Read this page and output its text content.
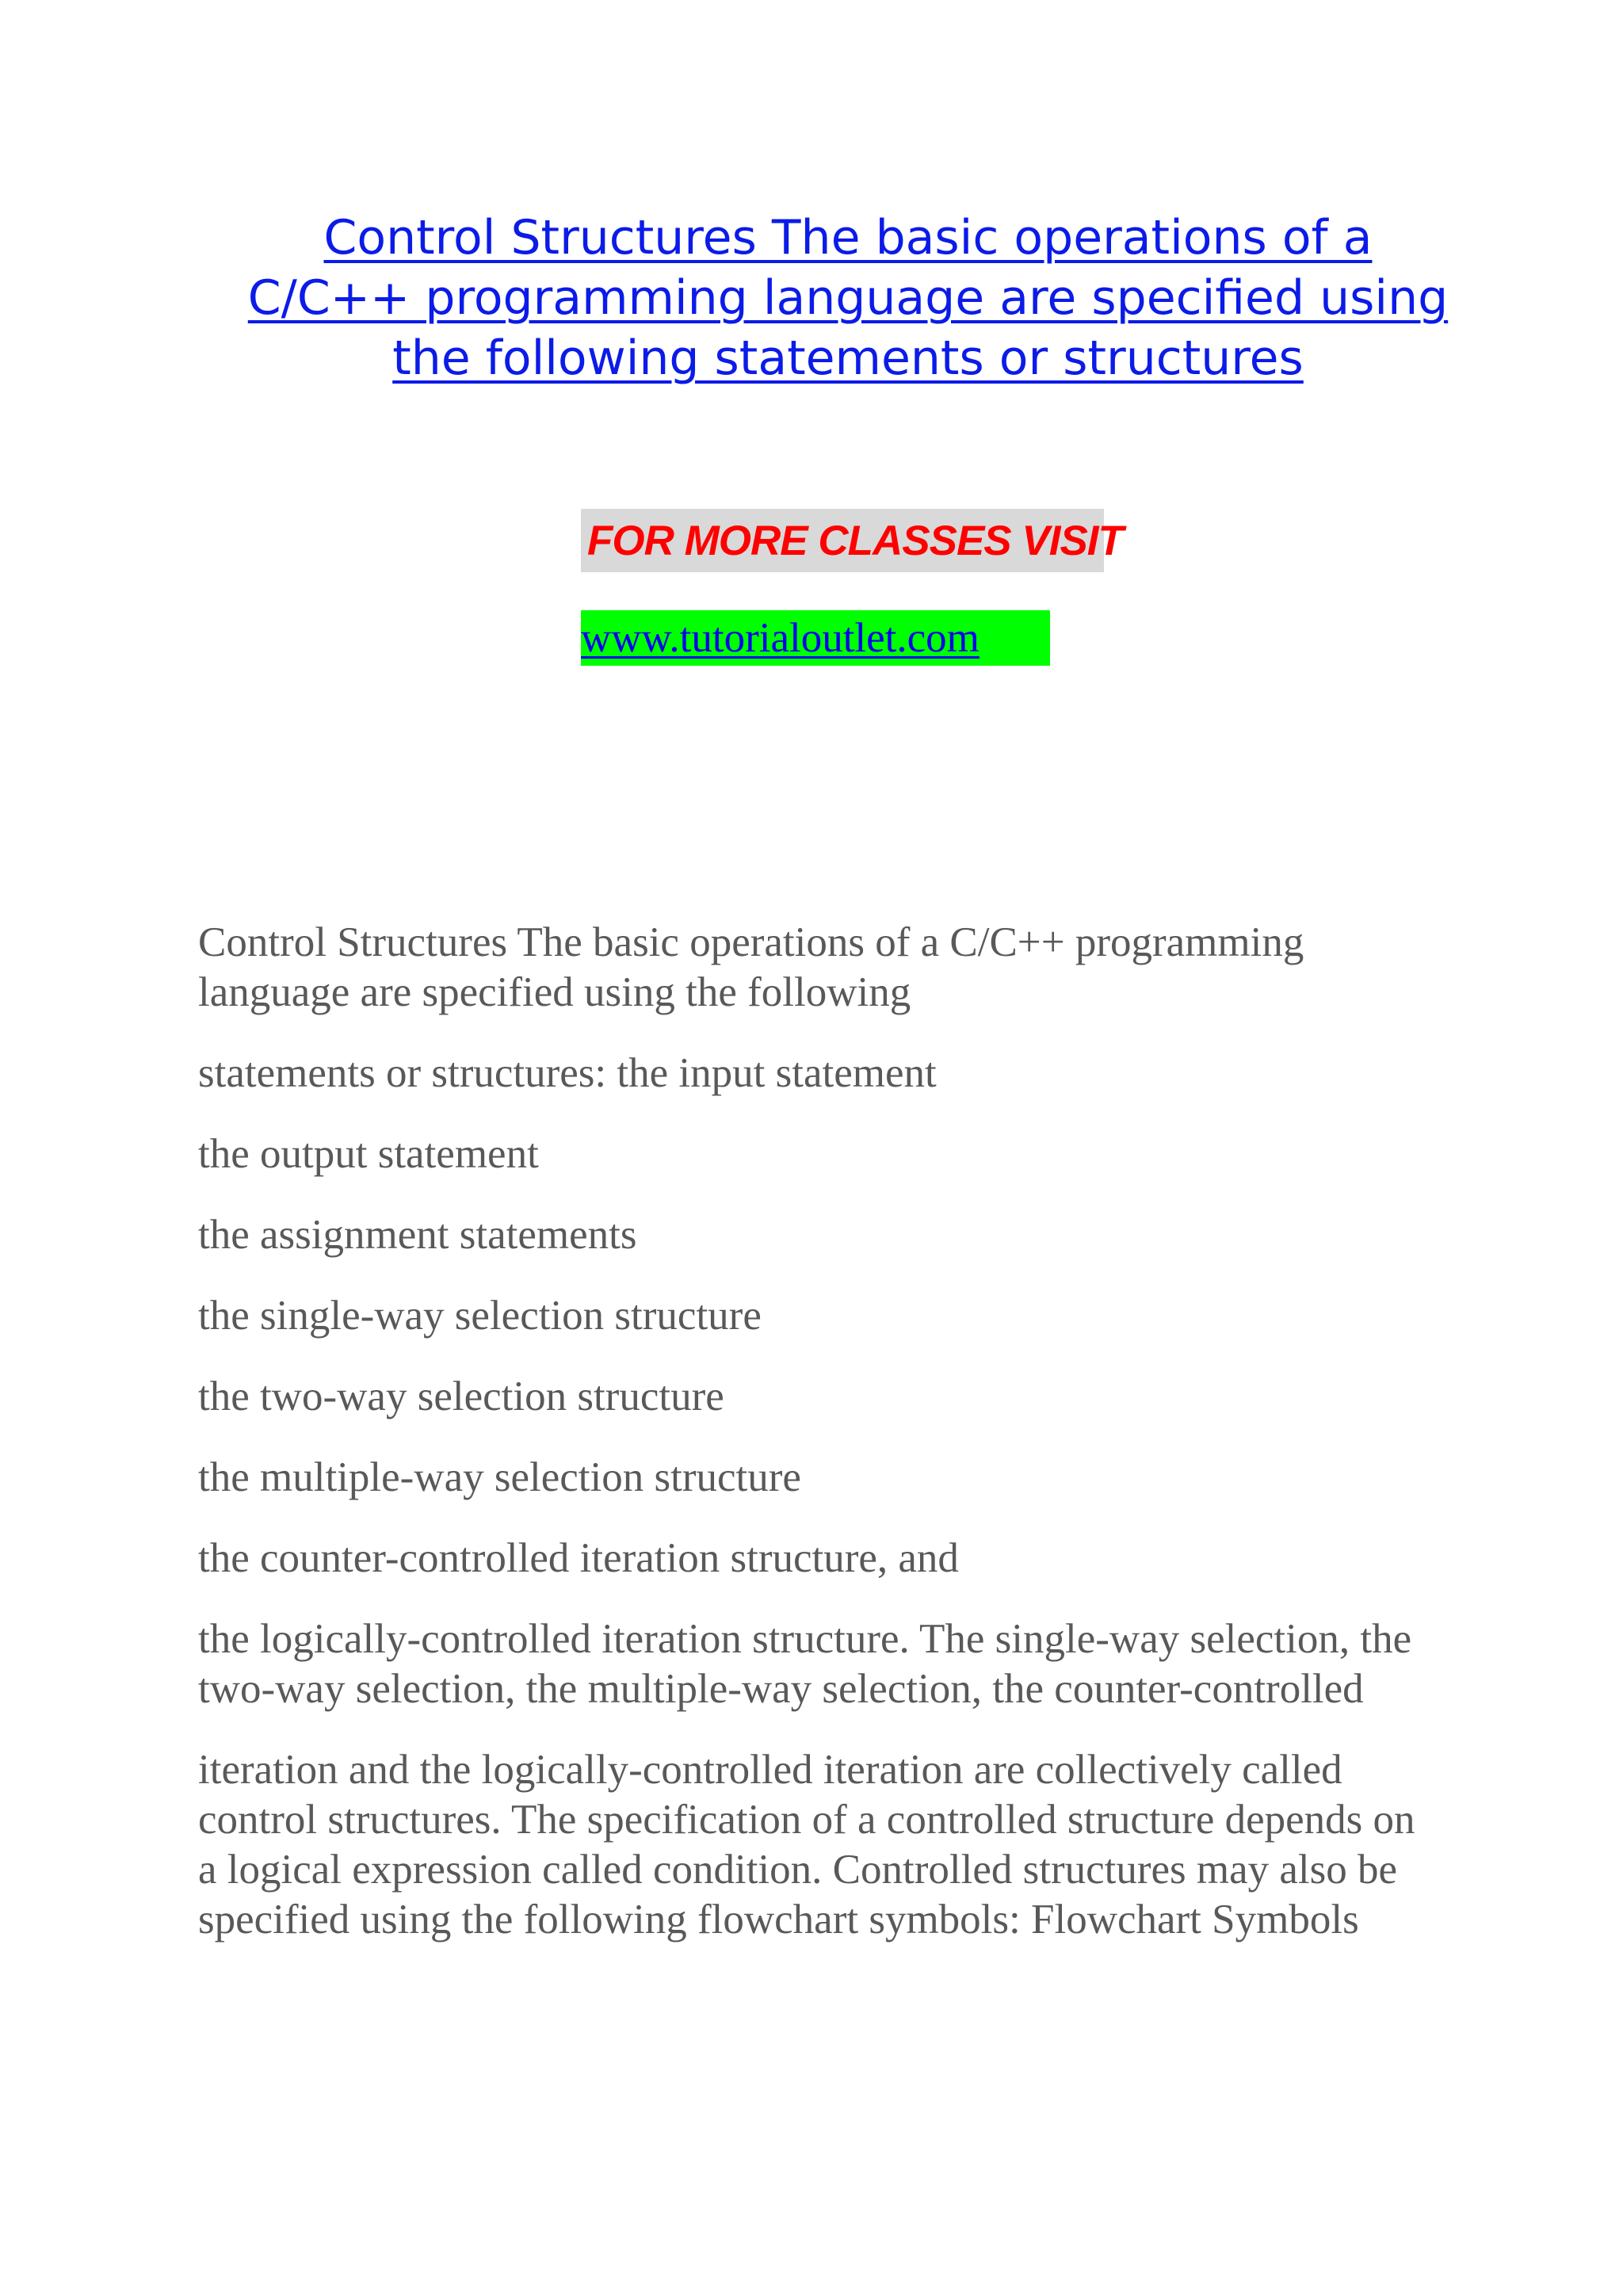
Control Structures The basic operations of a
C/C++ programming language are specified using
the following statements or structures
FOR MORE CLASSES VISIT
www.tutorialoutlet.com

Control Structures The basic operations of a C/C++ programming language are specified using the following

statements or structures: the input statement

the output statement

the assignment statements

the single-way selection structure

the two-way selection structure

the multiple-way selection structure

the counter-controlled iteration structure, and

the logically-controlled iteration structure. The single-way selection, the two-way selection, the multiple-way selection, the counter-controlled

iteration and the logically-controlled iteration are collectively called control structures. The specification of a controlled structure depends on a logical expression called condition. Controlled structures may also be specified using the following flowchart symbols: Flowchart Symbols
